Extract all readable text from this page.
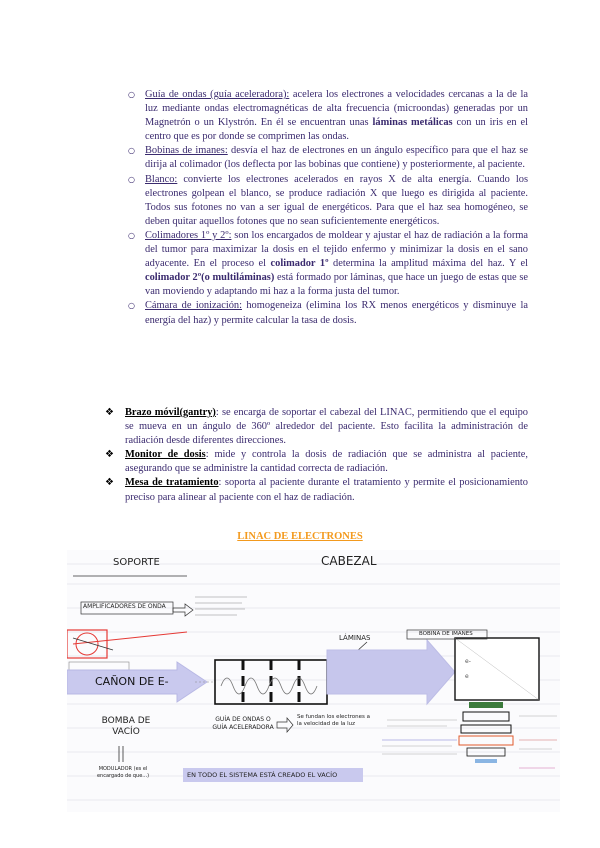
○ Guía de ondas (guía aceleradora): acelera los electrones a velocidades cercanas a la de la luz mediante ondas electromagnéticas de alta frecuencia (microondas) generadas por un Magnetrón o un Klystrón. En él se encuentran unas láminas metálicas con un iris en el centro que es por donde se comprimen las ondas.
○ Bobinas de imanes: desvía el haz de electrones en un ángulo específico para que el haz se dirija al colimador (los deflecta por las bobinas que contiene) y posteriormente, al paciente.
○ Blanco: convierte los electrones acelerados en rayos X de alta energía. Cuando los electrones golpean el blanco, se produce radiación X que luego es dirigida al paciente. Todos sus fotones no van a ser igual de energéticos. Para que el haz sea homogéneo, se deben quitar aquellos fotones que no sean suficientemente energéticos.
○ Colimadores 1º y 2º: son los encargados de moldear y ajustar el haz de radiación a la forma del tumor para maximizar la dosis en el tejido enfermo y minimizar la dosis en el sano adyacente. En el proceso el colimador 1º determina la amplitud máxima del haz. Y el colimador 2º(o multiláminas) está formado por láminas, que hace un juego de estas que se van moviendo y adaptando mi haz a la forma justa del tumor.
○ Cámara de ionización: homogeneiza (elimina los RX menos energéticos y disminuye la energía del haz) y permite calcular la tasa de dosis.
❖ Brazo móvil(gantry): se encarga de soportar el cabezal del LINAC, permitiendo que el equipo se mueva en un ángulo de 360º alrededor del paciente. Esto facilita la administración de radiación desde diferentes direcciones.
❖ Monitor de dosis: mide y controla la dosis de radiación que se administra al paciente, asegurando que se administre la cantidad correcta de radiación.
❖ Mesa de tratamiento: soporta al paciente durante el tratamiento y permite el posicionamiento preciso para alinear al paciente con el haz de radiación.
LINAC DE ELECTRONES
e-
e
SOPORTE	CABEZAL
AMPLIFICADORES DE ONDA
CAÑON DE E-
LÁMINAS	BOBINA DE IMANES
BOMBA DE VACÍO
GUÍA DE ONDAS O GUÍA ACELERADORA
Se fundan los electrones a la velocidad de la luz
MODULADOR (es el encargado de que...)	EN TODO EL SISTEMA ESTÁ CREADO EL VACÍO
